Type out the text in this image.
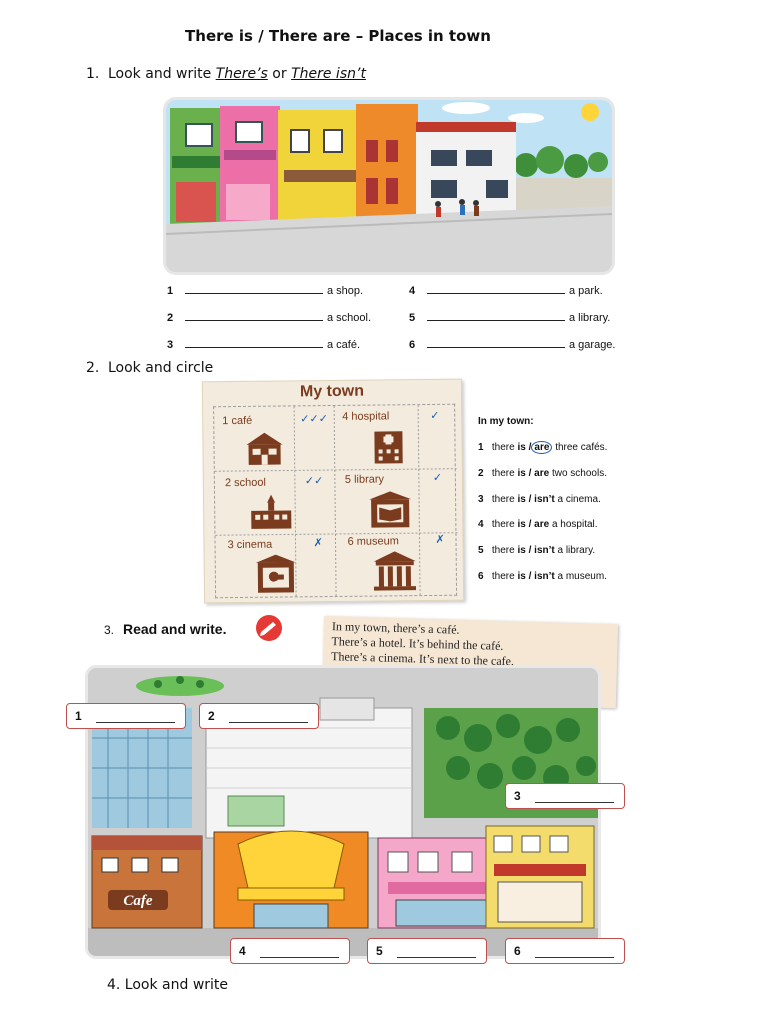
There is / There are – Places in town
1. Look and write There’s or There isn’t
1	a shop.
2	a school.
3	a café.
4	a park.
5	a library.
6	a garage.
2. Look and circle
My town
1 café	✓✓✓ 4 hospital	✓
2 school	✓✓ 5 library	✓
3 cinema	✗ 6 museum	✗
In my town:
1 there is / are three cafés.
2 there is / are two schools.
3 there is / isn’t a cinema.
4 there is / are a hospital.
5 there is / isn’t a library.
6 there is / isn’t a museum.
3. Read and write.	In my town, there’s a café.
There’s a hotel. It’s behind the café.
There’s a cinema. It’s next to the cafe.
Cafe
1	2
3
4	5	6
4. Look and write
